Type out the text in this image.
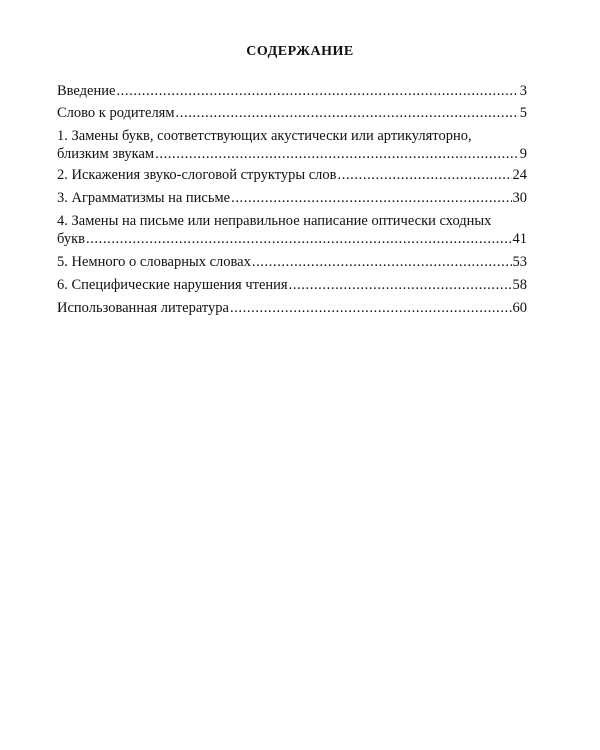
СОДЕРЖАНИЕ
Введение .....	3
Слово к родителям .....	5
1. Замены букв, соответствующих акустически или артикуляторно,
близким звукам .....	9
2. Искажения звуко-слоговой структуры слов .....	24
3. Аграмматизмы на письме .....	30
4. Замены на письме или неправильное написание оптически сходных
букв .....	41
5. Немного о словарных словах .....	53
6. Специфические нарушения чтения .....	58
Использованная литература .....	60
